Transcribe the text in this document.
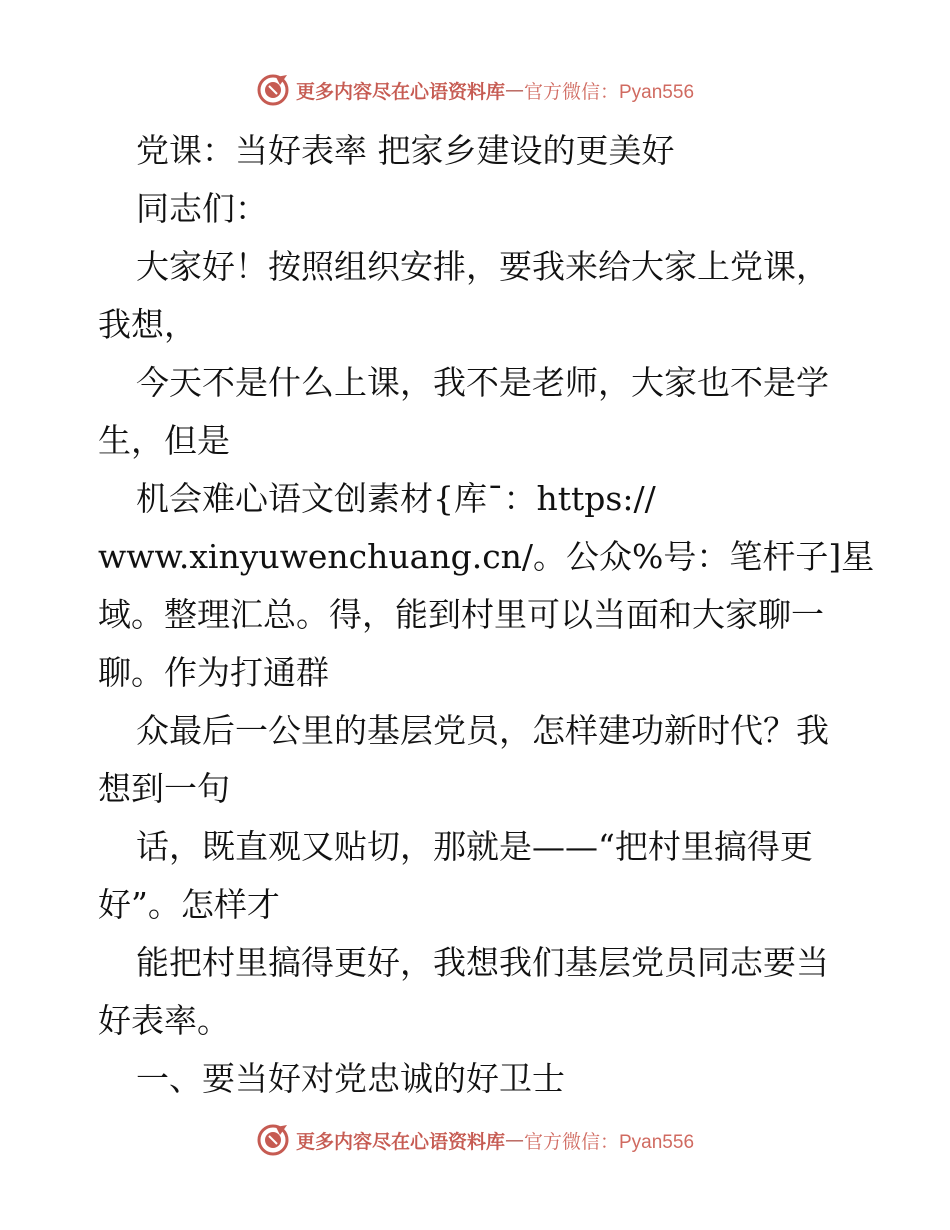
更多内容尽在心语资料库 — 官方微信：Pyan556
党课：当好表率 把家乡建设的更美好
同志们：
大家好！按照组织安排，要我来给大家上党课，
我想，
今天不是什么上课，我不是老师，大家也不是学
生，但是
机会难心语文创素材{库¯：https://
www.xinyuwenchuang.cn/。公众%号：笔杆子]星
域。整理汇总。得，能到村里可以当面和大家聊一
聊。作为打通群
众最后一公里的基层党员，怎样建功新时代？我
想到一句
话，既直观又贴切，那就是——“把村里搞得更
好”。怎样才
能把村里搞得更好，我想我们基层党员同志要当
好表率。
一、要当好对党忠诚的好卫士
更多内容尽在心语资料库 — 官方微信：Pyan556
